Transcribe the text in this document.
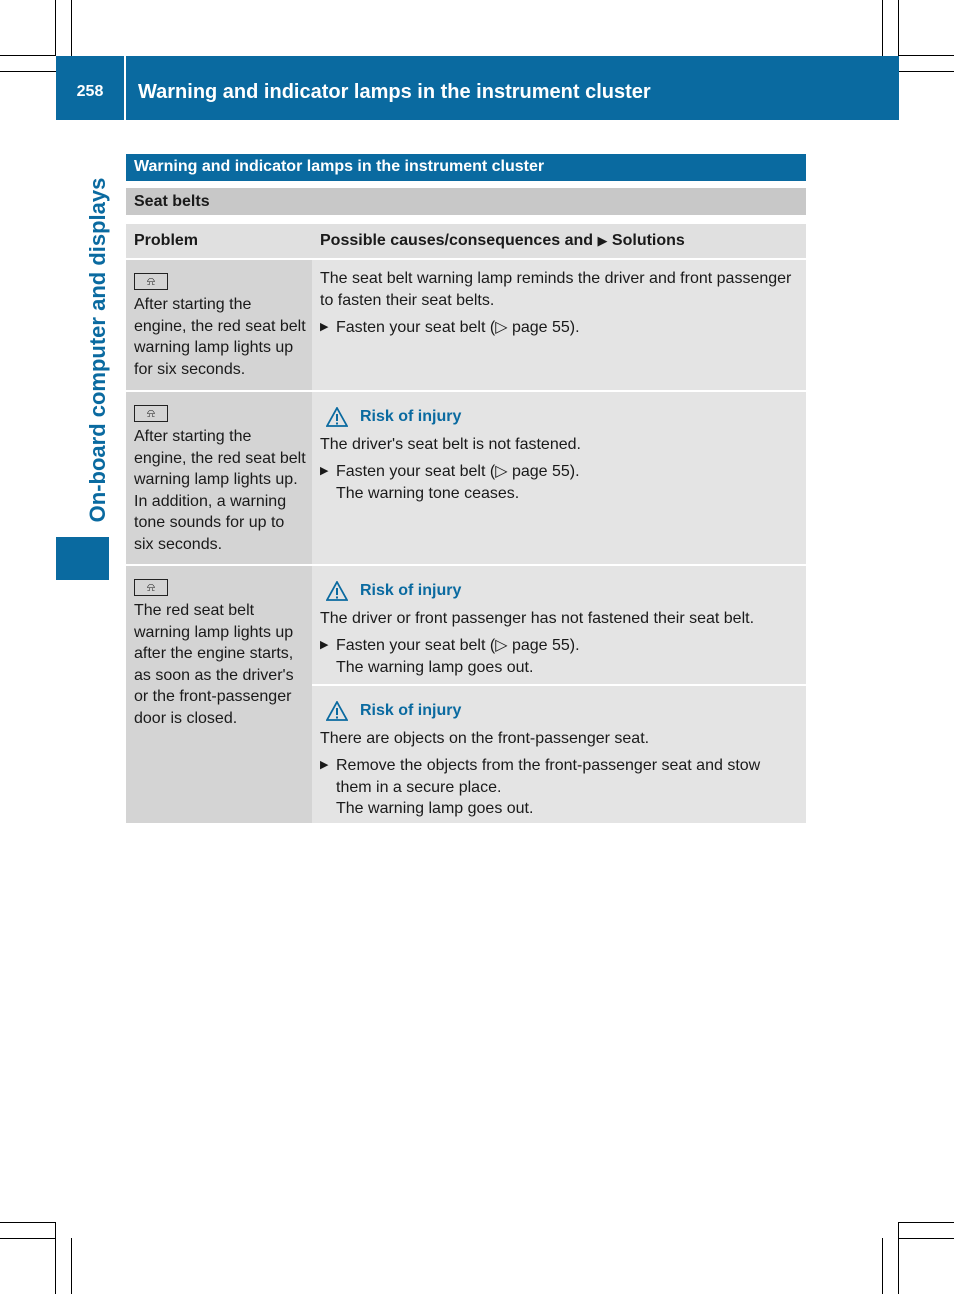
258	Warning and indicator lamps in the instrument cluster
On-board computer and displays
Warning and indicator lamps in the instrument cluster
Seat belts
Problem	Possible causes/consequences and ▶ Solutions
⍾
After starting the engine, the red seat belt warning lamp lights up for six seconds.
The seat belt warning lamp reminds the driver and front passenger to fasten their seat belts.
▶ Fasten your seat belt (▷ page 55).
⍾
After starting the engine, the red seat belt warning lamp lights up. In addition, a warning tone sounds for up to six seconds.
Risk of injury
The driver's seat belt is not fastened.
▶ Fasten your seat belt (▷ page 55).
The warning tone ceases.
⍾
The red seat belt warning lamp lights up after the engine starts, as soon as the driver's or the front-passenger door is closed.
Risk of injury
The driver or front passenger has not fastened their seat belt.
▶ Fasten your seat belt (▷ page 55).
The warning lamp goes out.
Risk of injury
There are objects on the front-passenger seat.
▶ Remove the objects from the front-passenger seat and stow them in a secure place.
The warning lamp goes out.
